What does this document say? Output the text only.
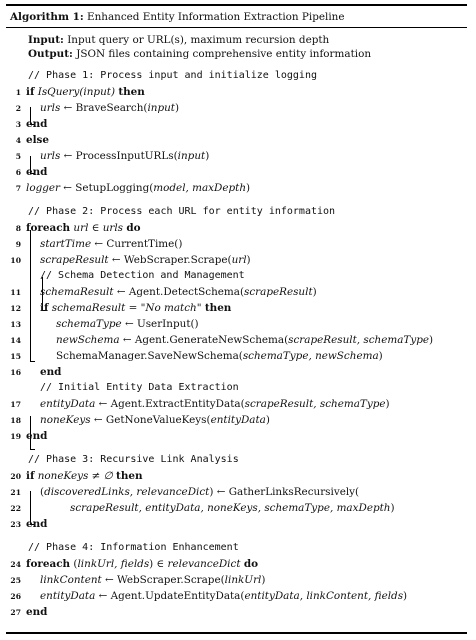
Algorithm 1: Enhanced Entity Information Extraction Pipeline
Input: Input query or URL(s), maximum recursion depth
Output: JSON files containing comprehensive entity information
// Phase 1: Process input and initialize logging
1 if IsQuery(input) then
2 urls ← BraveSearch(input)
3 end
4 else
5 urls ← ProcessInputURLs(input)
6 end
7 logger ← SetupLogging(model, maxDepth)
// Phase 2: Process each URL for entity information
8 foreach url ∈ urls do
9 startTime ← CurrentTime()
10 scrapeResult ← WebScraper.Scrape(url)
// Schema Detection and Management
11 schemaResult ← Agent.DetectSchema(scrapeResult)
12 if schemaResult = "No match" then
13	schemaType ← UserInput()
14	newSchema ← Agent.GenerateNewSchema(scrapeResult, schemaType)
15	SchemaManager.SaveNewSchema(schemaType, newSchema)
16 end
// Initial Entity Data Extraction
17 entityData ← Agent.ExtractEntityData(scrapeResult, schemaType)
18 noneKeys ← GetNoneValueKeys(entityData)
19 end
// Phase 3: Recursive Link Analysis
20 if noneKeys ≠ ∅ then
21 (discoveredLinks, relevanceDict) ← GatherLinksRecursively(
22	scrapeResult, entityData, noneKeys, schemaType, maxDepth)
23 end
// Phase 4: Information Enhancement
24 foreach (linkUrl, fields) ∈ relevanceDict do
25 linkContent ← WebScraper.Scrape(linkUrl)
26 entityData ← Agent.UpdateEntityData(entityData, linkContent, fields)
27 end
